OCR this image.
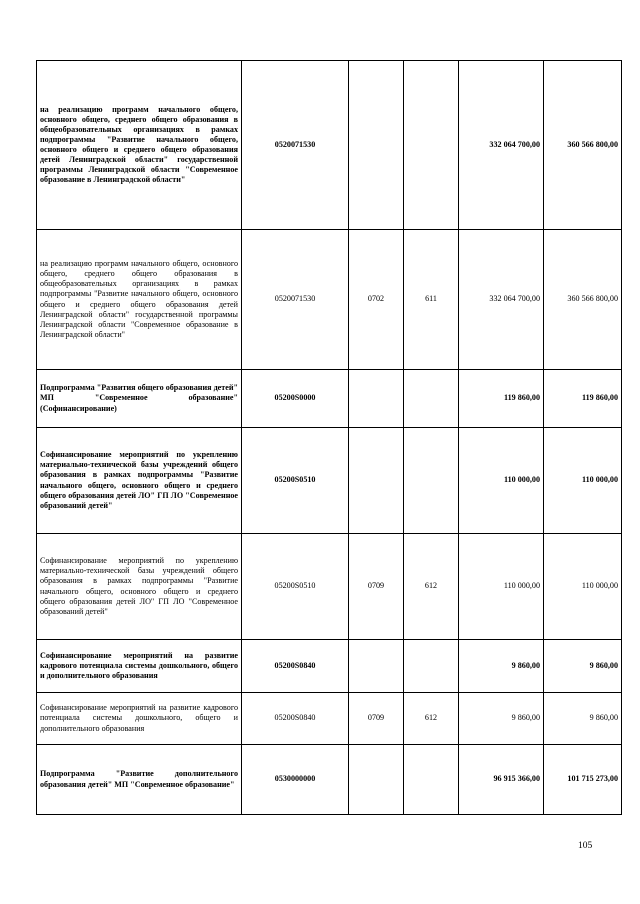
на реализацию программ начального общего, основного общего, среднего общего образования в общеобразовательных организациях в рамках подпрограммы "Развитие начального общего, основного общего и среднего общего образования детей Ленинградской области" государственной программы Ленинградской области "Современное образование в Ленинградской области"	0520071530			332 064 700,00	360 566 800,00
на реализацию программ начального общего, основного общего, среднего общего образования в общеобразовательных организациях в рамках подпрограммы "Развитие начального общего, основного общего и среднего общего образования детей Ленинградской области" государственной программы Ленинградской области "Современное образование в Ленинградской области"	0520071530	0702	611	332 064 700,00	360 566 800,00
Подпрограмма "Развития общего образования детей" МП "Современное образование" (Софинансирование)	05200S0000			119 860,00	119 860,00
Софинансирование мероприятий по укреплению материально-технической базы учреждений общего образования в рамках подпрограммы "Развитие начального общего, основного общего и среднего общего образования детей ЛО" ГП ЛО "Современное образований детей"	05200S0510			110 000,00	110 000,00
Софинансирование мероприятий по укреплению материально-технической базы учреждений общего образования в рамках подпрограммы "Развитие начального общего, основного общего и среднего общего образования детей ЛО" ГП ЛО "Современное образований детей"	05200S0510	0709	612	110 000,00	110 000,00
Софинансирование мероприятий на развитие кадрового потенциала системы дошкольного, общего и дополнительного образования	05200S0840			9 860,00	9 860,00
Софинансирование мероприятий на развитие кадрового потенциала системы дошкольного, общего и дополнительного образования	05200S0840	0709	612	9 860,00	9 860,00
Подпрограмма "Развитие дополнительного образования детей" МП "Современное образование"	0530000000			96 915 366,00	101 715 273,00
105
